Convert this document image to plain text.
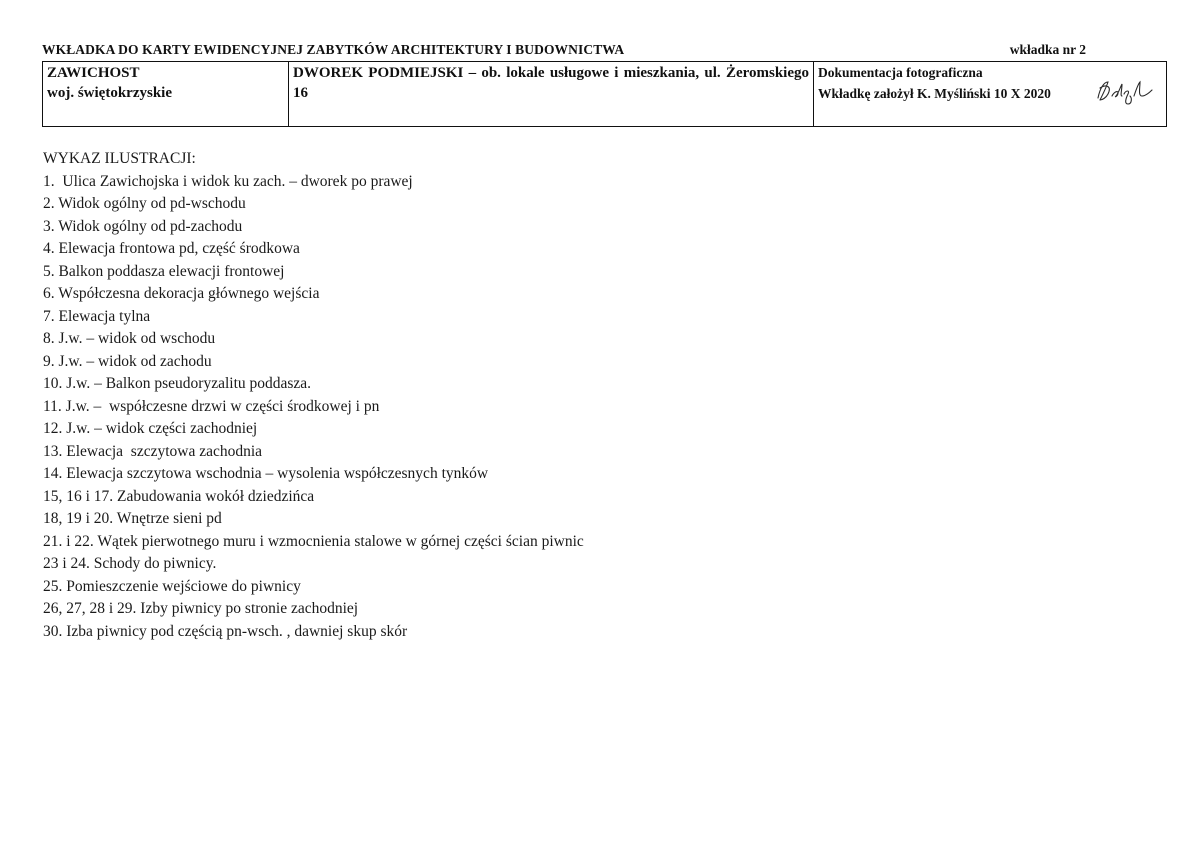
WKŁADKA DO KARTY EWIDENCYJNEJ ZABYTKÓW ARCHITEKTURY I BUDOWNICTWA	wkładka nr 2
ZAWICHOST
woj. świętokrzyskie
DWOREK PODMIEJSKI – ob. lokale usługowe i mieszkania, ul. Żeromskiego 16
Dokumentacja fotograficzna
Wkładkę założył K. Myśliński 10 X 2020
WYKAZ ILUSTRACJI:
1.  Ulica Zawichojska i widok ku zach. – dworek po prawej
2. Widok ogólny od pd-wschodu
3. Widok ogólny od pd-zachodu
4. Elewacja frontowa pd, część środkowa
5. Balkon poddasza elewacji frontowej
6. Współczesna dekoracja głównego wejścia
7. Elewacja tylna
8. J.w. – widok od wschodu
9. J.w. – widok od zachodu
10. J.w. – Balkon pseudoryzalitu poddasza.
11. J.w. –  współczesne drzwi w części środkowej i pn
12. J.w. – widok części zachodniej
13. Elewacja  szczytowa zachodnia
14. Elewacja szczytowa wschodnia – wysolenia współczesnych tynków
15, 16 i 17. Zabudowania wokół dziedzińca
18, 19 i 20. Wnętrze sieni pd
21. i 22. Wątek pierwotnego muru i wzmocnienia stalowe w górnej części ścian piwnic
23 i 24. Schody do piwnicy.
25. Pomieszczenie wejściowe do piwnicy
26, 27, 28 i 29. Izby piwnicy po stronie zachodniej
30. Izba piwnicy pod częścią pn-wsch. , dawniej skup skór
